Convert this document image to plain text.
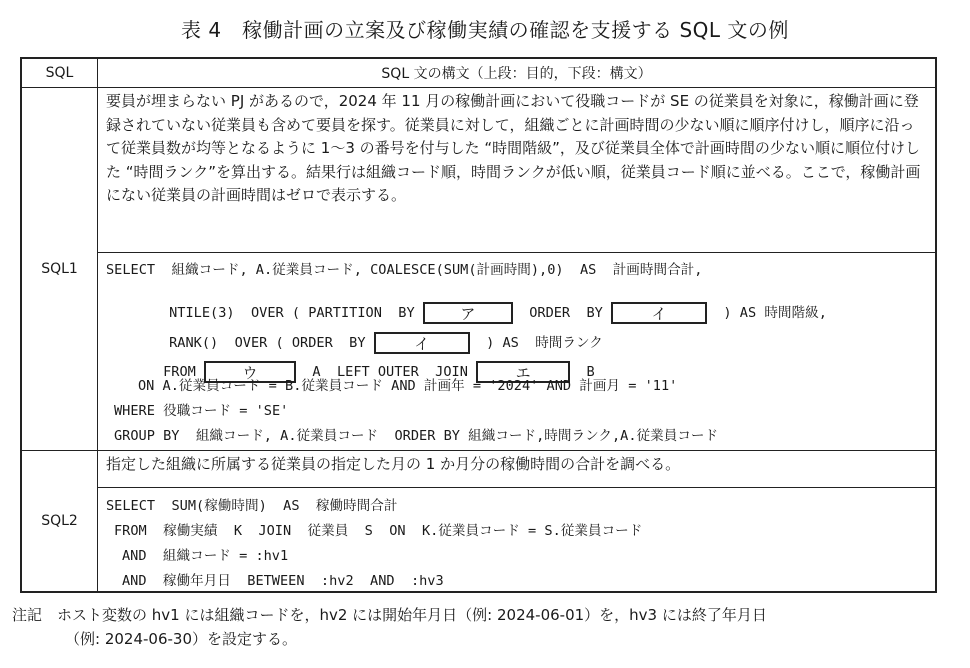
表 4　稼働計画の立案及び稼働実績の確認を支援する SQL 文の例
SQL	SQL 文の構文（上段：目的，下段：構文）
SQL1
要員が埋まらない PJ があるので，2024 年 11 月の稼働計画において役職コードが SE の従業員を対象に，稼働計画に登録されていない従業員も含めて要員を探す。従業員に対して，組織ごとに計画時間の少ない順に順序付けし，順序に沿って従業員数が均等となるように 1〜3 の番号を付与した “時間階級”，及び従業員全体で計画時間の少ない順に順位付けした “時間ランク”を算出する。結果行は組織コード順，時間ランクが低い順，従業員コード順に並べる。ここで，稼働計画にない従業員の計画時間はゼロで表示する。

SELECT  組織コード, A.従業員コード, COALESCE(SUM(計画時間),0)  AS  計画時間合計,

NTILE(3)  OVER ( PARTITION  BY ア	ORDER  BY	イ	) AS 時間階級,

RANK()  OVER ( ORDER  BY	イ	) AS  時間ランク

FROM	ウ	A  LEFT OUTER  JOIN	エ	B

ON A.従業員コード = B.従業員コード AND 計画年 = '2024' AND 計画月 = '11'

WHERE 役職コード = 'SE'

GROUP BY  組織コード, A.従業員コード  ORDER BY 組織コード,時間ランク,A.従業員コード

SQL2
指定した組織に所属する従業員の指定した月の 1 か月分の稼働時間の合計を調べる。

SELECT  SUM(稼働時間)  AS  稼働時間合計

FROM  稼働実績  K  JOIN  従業員  S  ON  K.従業員コード = S.従業員コード

AND  組織コード = :hv1

AND  稼働年月日  BETWEEN  :hv2  AND  :hv3

注記　ホスト変数の hv1 には組織コードを，hv2 には開始年月日（例: 2024-06-01）を，hv3 には終了年月日
（例: 2024-06-30）を設定する。
